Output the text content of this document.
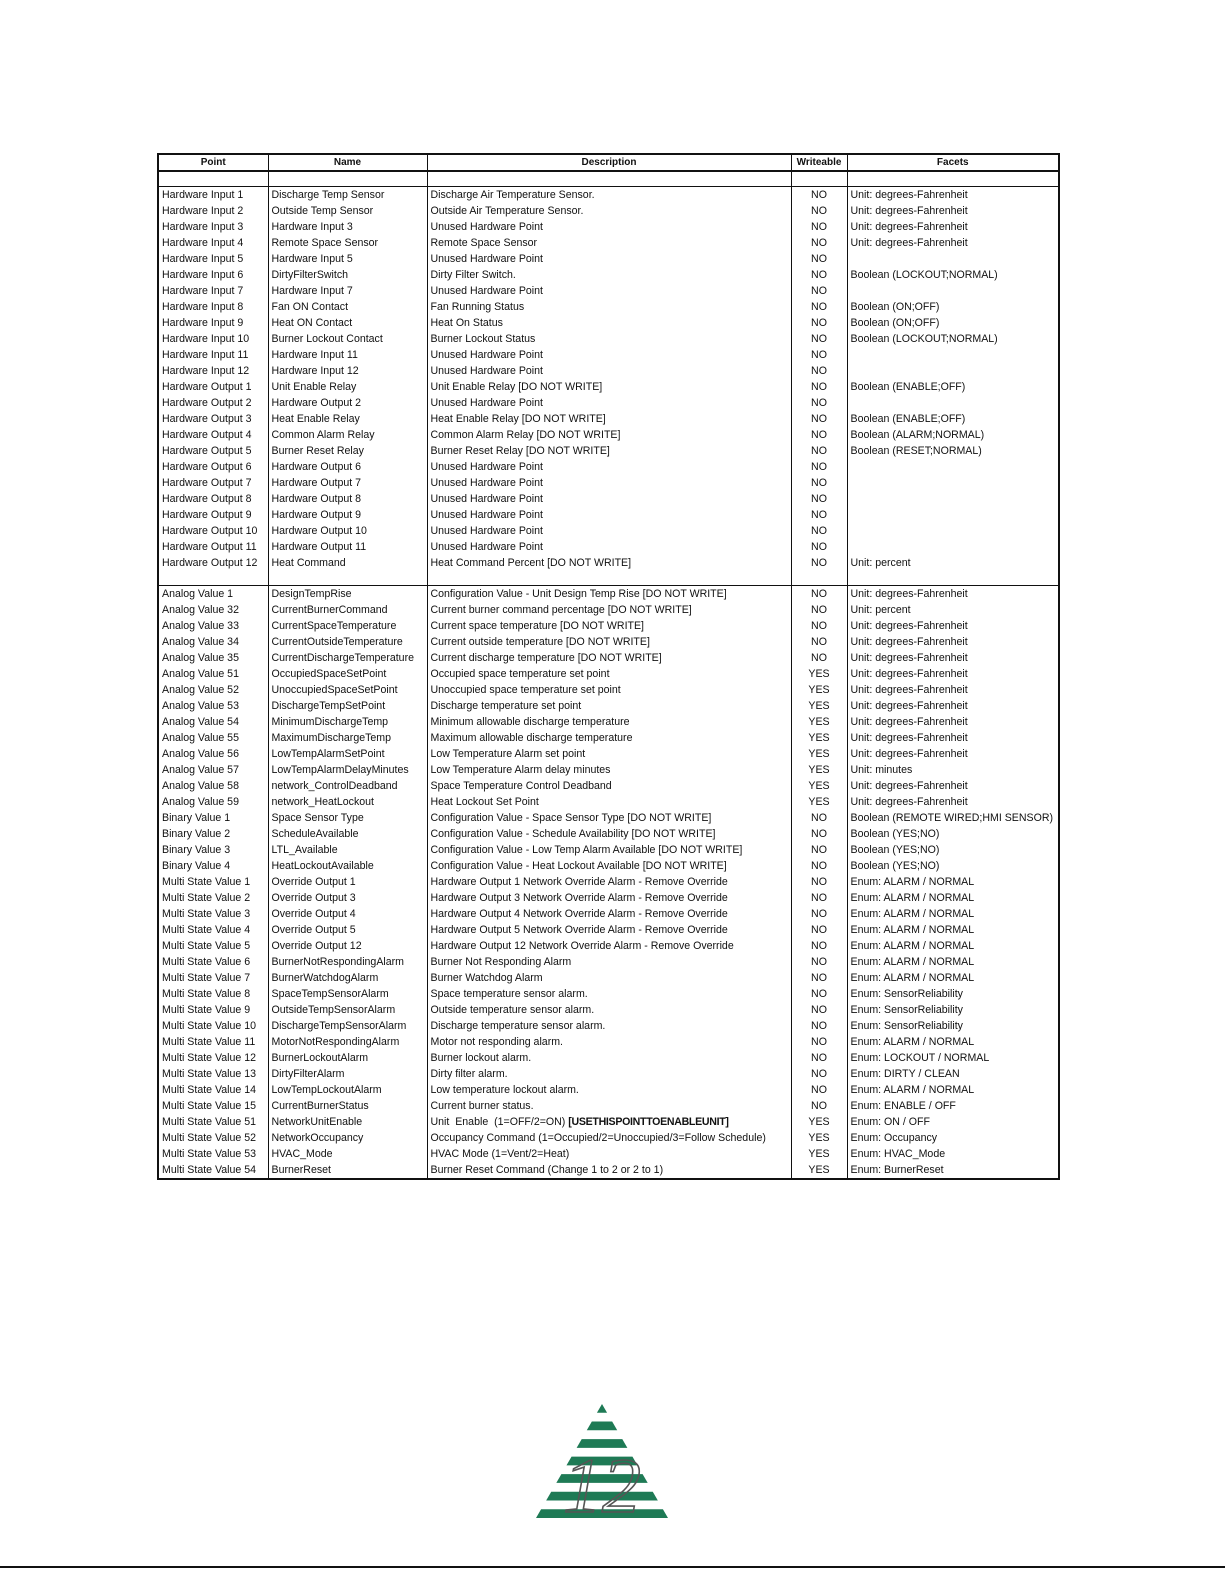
Point	Name	Description	Writeable	Facets

Hardware Input 1	Discharge Temp Sensor	Discharge Air Temperature Sensor.	NO	Unit: degrees-Fahrenheit
Hardware Input 2	Outside Temp Sensor	Outside Air Temperature Sensor.	NO	Unit: degrees-Fahrenheit
Hardware Input 3	Hardware Input 3	Unused Hardware Point	NO	Unit: degrees-Fahrenheit
Hardware Input 4	Remote Space Sensor	Remote Space Sensor	NO	Unit: degrees-Fahrenheit
Hardware Input 5	Hardware Input 5	Unused Hardware Point	NO	
Hardware Input 6	DirtyFilterSwitch	Dirty Filter Switch.	NO	Boolean (LOCKOUT;NORMAL)
Hardware Input 7	Hardware Input 7	Unused Hardware Point	NO	
Hardware Input 8	Fan ON Contact	Fan Running Status	NO	Boolean (ON;OFF)
Hardware Input 9	Heat ON Contact	Heat On Status	NO	Boolean (ON;OFF)
Hardware Input 10	Burner Lockout Contact	Burner Lockout Status	NO	Boolean (LOCKOUT;NORMAL)
Hardware Input 11	Hardware Input 11	Unused Hardware Point	NO	
Hardware Input 12	Hardware Input 12	Unused Hardware Point	NO	
Hardware Output 1	Unit Enable Relay	Unit Enable Relay [DO NOT WRITE]	NO	Boolean (ENABLE;OFF)
Hardware Output 2	Hardware Output 2	Unused Hardware Point	NO	
Hardware Output 3	Heat Enable Relay	Heat Enable Relay [DO NOT WRITE]	NO	Boolean (ENABLE;OFF)
Hardware Output 4	Common Alarm Relay	Common Alarm Relay [DO NOT WRITE]	NO	Boolean (ALARM;NORMAL)
Hardware Output 5	Burner Reset Relay	Burner Reset Relay [DO NOT WRITE]	NO	Boolean (RESET;NORMAL)
Hardware Output 6	Hardware Output 6	Unused Hardware Point	NO	
Hardware Output 7	Hardware Output 7	Unused Hardware Point	NO	
Hardware Output 8	Hardware Output 8	Unused Hardware Point	NO	
Hardware Output 9	Hardware Output 9	Unused Hardware Point	NO	
Hardware Output 10	Hardware Output 10	Unused Hardware Point	NO	
Hardware Output 11	Hardware Output 11	Unused Hardware Point	NO	
Hardware Output 12	Heat Command	Heat Command Percent [DO NOT WRITE]	NO	Unit: percent

Analog Value 1	DesignTempRise	Configuration Value - Unit Design Temp Rise [DO NOT WRITE]	NO	Unit: degrees-Fahrenheit
Analog Value 32	CurrentBurnerCommand	Current burner command percentage [DO NOT WRITE]	NO	Unit: percent
Analog Value 33	CurrentSpaceTemperature	Current space temperature [DO NOT WRITE]	NO	Unit: degrees-Fahrenheit
Analog Value 34	CurrentOutsideTemperature	Current outside temperature [DO NOT WRITE]	NO	Unit: degrees-Fahrenheit
Analog Value 35	CurrentDischargeTemperature	Current discharge temperature [DO NOT WRITE]	NO	Unit: degrees-Fahrenheit
Analog Value 51	OccupiedSpaceSetPoint	Occupied space temperature set point	YES	Unit: degrees-Fahrenheit
Analog Value 52	UnoccupiedSpaceSetPoint	Unoccupied space temperature set point	YES	Unit: degrees-Fahrenheit
Analog Value 53	DischargeTempSetPoint	Discharge temperature set point	YES	Unit: degrees-Fahrenheit
Analog Value 54	MinimumDischargeTemp	Minimum allowable discharge temperature	YES	Unit: degrees-Fahrenheit
Analog Value 55	MaximumDischargeTemp	Maximum allowable discharge temperature	YES	Unit: degrees-Fahrenheit
Analog Value 56	LowTempAlarmSetPoint	Low Temperature Alarm set point	YES	Unit: degrees-Fahrenheit
Analog Value 57	LowTempAlarmDelayMinutes	Low Temperature Alarm delay minutes	YES	Unit: minutes
Analog Value 58	network_ControlDeadband	Space Temperature Control Deadband	YES	Unit: degrees-Fahrenheit
Analog Value 59	network_HeatLockout	Heat Lockout Set Point	YES	Unit: degrees-Fahrenheit
Binary Value 1	Space Sensor Type	Configuration Value - Space Sensor Type [DO NOT WRITE]	NO	Boolean (REMOTE WIRED;HMI SENSOR)
Binary Value 2	ScheduleAvailable	Configuration Value - Schedule Availability [DO NOT WRITE]	NO	Boolean (YES;NO)
Binary Value 3	LTL_Available	Configuration Value - Low Temp Alarm Available [DO NOT WRITE]	NO	Boolean (YES;NO)
Binary Value 4	HeatLockoutAvailable	Configuration Value - Heat Lockout Available [DO NOT WRITE]	NO	Boolean (YES;NO)
Multi State Value 1	Override Output 1	Hardware Output 1 Network Override Alarm - Remove Override	NO	Enum: ALARM / NORMAL
Multi State Value 2	Override Output 3	Hardware Output 3 Network Override Alarm - Remove Override	NO	Enum: ALARM / NORMAL
Multi State Value 3	Override Output 4	Hardware Output 4 Network Override Alarm - Remove Override	NO	Enum: ALARM / NORMAL
Multi State Value 4	Override Output 5	Hardware Output 5 Network Override Alarm - Remove Override	NO	Enum: ALARM / NORMAL
Multi State Value 5	Override Output 12	Hardware Output 12 Network Override Alarm - Remove Override	NO	Enum: ALARM / NORMAL
Multi State Value 6	BurnerNotRespondingAlarm	Burner Not Responding Alarm	NO	Enum: ALARM / NORMAL
Multi State Value 7	BurnerWatchdogAlarm	Burner Watchdog Alarm	NO	Enum: ALARM / NORMAL
Multi State Value 8	SpaceTempSensorAlarm	Space temperature sensor alarm.	NO	Enum: SensorReliability
Multi State Value 9	OutsideTempSensorAlarm	Outside temperature sensor alarm.	NO	Enum: SensorReliability
Multi State Value 10	DischargeTempSensorAlarm	Discharge temperature sensor alarm.	NO	Enum: SensorReliability
Multi State Value 11	MotorNotRespondingAlarm	Motor not responding alarm.	NO	Enum: ALARM / NORMAL
Multi State Value 12	BurnerLockoutAlarm	Burner lockout alarm.	NO	Enum: LOCKOUT / NORMAL
Multi State Value 13	DirtyFilterAlarm	Dirty filter alarm.	NO	Enum: DIRTY / CLEAN
Multi State Value 14	LowTempLockoutAlarm	Low temperature lockout alarm.	NO	Enum: ALARM / NORMAL
Multi State Value 15	CurrentBurnerStatus	Current burner status.	NO	Enum: ENABLE / OFF
Multi State Value 51	NetworkUnitEnable	Unit  Enable  (1=OFF/2=ON) [USETHISPOINTTOENABLEUNIT]	YES	Enum: ON / OFF
Multi State Value 52	NetworkOccupancy	Occupancy Command (1=Occupied/2=Unoccupied/3=Follow Schedule)	YES	Enum: Occupancy
Multi State Value 53	HVAC_Mode	HVAC Mode (1=Vent/2=Heat)	YES	Enum: HVAC_Mode
Multi State Value 54	BurnerReset	Burner Reset Command (Change 1 to 2 or 2 to 1)	YES	Enum: BurnerReset
12
